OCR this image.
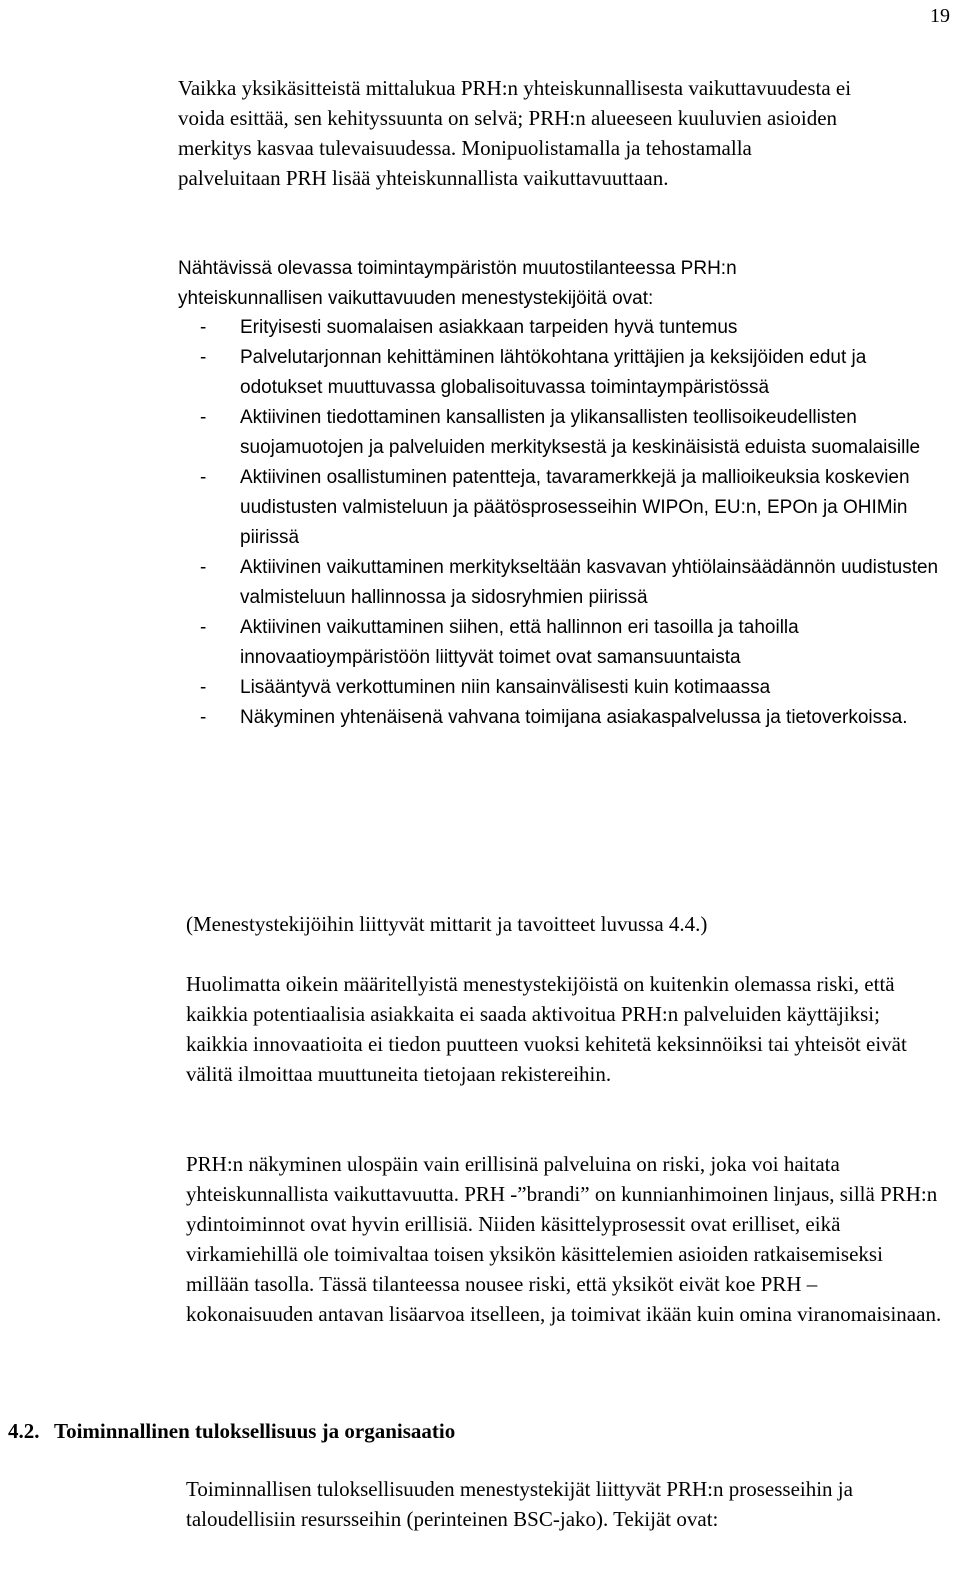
19

Vaikka yksikäsitteistä mittalukua PRH:n yhteiskunnallisesta vaikuttavuudesta ei voida esittää, sen kehityssuunta on selvä; PRH:n alueeseen kuuluvien asioiden merkitys kasvaa tulevaisuudessa. Monipuolistamalla ja tehostamalla palveluitaan PRH lisää yhteiskunnallista vaikuttavuuttaan.

Nähtävissä olevassa toimintaympäristön muutostilanteessa PRH:n yhteiskunnallisen vaikuttavuuden menestystekijöitä ovat:

- Erityisesti suomalaisen asiakkaan tarpeiden hyvä tuntemus
- Palvelutarjonnan kehittäminen lähtökohtana yrittäjien ja keksijöiden edut ja odotukset muuttuvassa globalisoituvassa toimintaympäristössä
- Aktiivinen tiedottaminen kansallisten ja ylikansallisten teollisoikeudellisten suojamuotojen ja palveluiden merkityksestä ja keskinäisistä eduista suomalaisille
- Aktiivinen osallistuminen patentteja, tavaramerkkejä ja mallioikeuksia koskevien uudistusten valmisteluun ja päätösprosesseihin WIPOn, EU:n, EPOn ja OHIMin piirissä
- Aktiivinen vaikuttaminen merkitykseltään kasvavan yhtiölainsäädännön uudistusten valmisteluun hallinnossa ja sidosryhmien piirissä
- Aktiivinen vaikuttaminen siihen, että hallinnon eri tasoilla ja tahoilla innovaatioympäristöön liittyvät toimet ovat samansuuntaista
- Lisääntyvä verkottuminen niin kansainvälisesti kuin kotimaassa
- Näkyminen yhtenäisenä vahvana toimijana asiakaspalvelussa ja tietoverkoissa.

(Menestystekijöihin liittyvät mittarit ja tavoitteet luvussa 4.4.)

Huolimatta oikein määritellyistä menestystekijöistä on kuitenkin olemassa riski, että kaikkia potentiaalisia asiakkaita ei saada aktivoitua PRH:n palveluiden käyttäjiksi; kaikkia innovaatioita ei tiedon puutteen vuoksi kehitetä keksinnöiksi tai yhteisöt eivät välitä ilmoittaa muuttuneita tietojaan rekistereihin.

PRH:n näkyminen ulospäin vain erillisinä palveluina on riski, joka voi haitata yhteiskunnallista vaikuttavuutta. PRH -”brandi” on kunnianhimoinen linjaus, sillä PRH:n ydintoiminnot ovat hyvin erillisiä. Niiden käsittelyprosessit ovat erilliset, eikä virkamiehillä ole toimivaltaa toisen yksikön käsittelemien asioiden ratkaisemiseksi millään tasolla. Tässä tilanteessa nousee riski, että yksiköt eivät koe PRH – kokonaisuuden antavan lisäarvoa itselleen, ja toimivat ikään kuin omina viranomaisinaan.

4.2. Toiminnallinen tuloksellisuus ja organisaatio

Toiminnallisen tuloksellisuuden menestystekijät liittyvät PRH:n prosesseihin ja taloudellisiin resursseihin (perinteinen BSC-jako). Tekijät ovat:
